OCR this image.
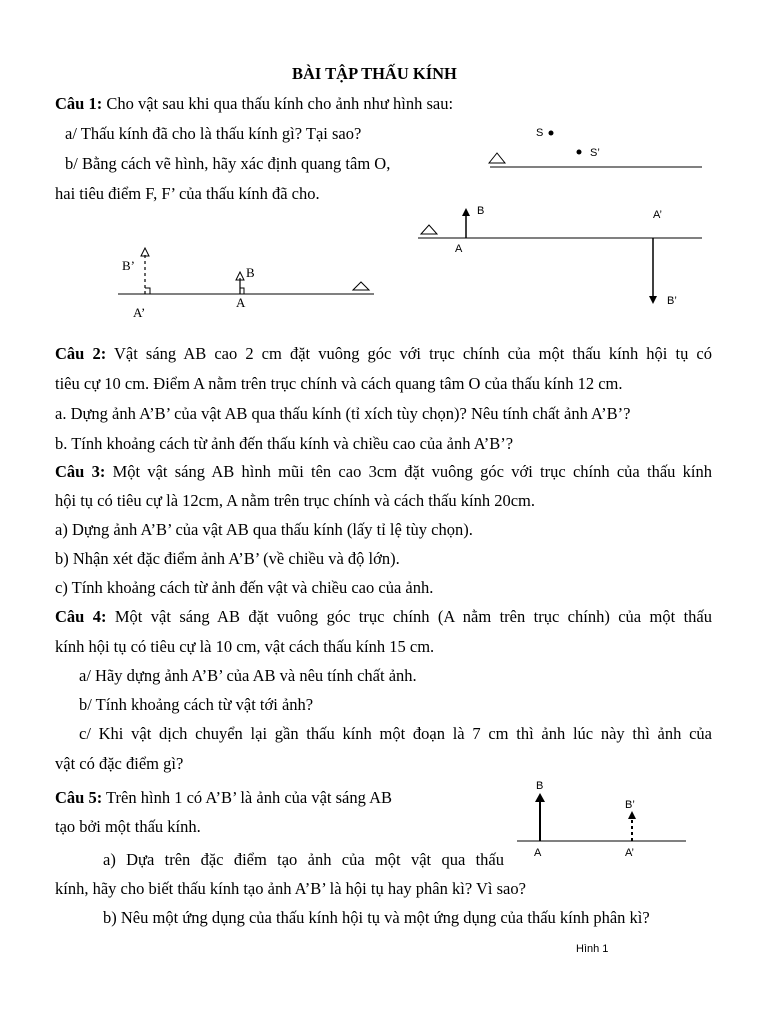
BÀI TẬP THẤU KÍNH
Câu 1: Cho vật sau khi qua thấu kính cho ảnh như hình sau:
a/ Thấu kính đã cho là thấu kính gì? Tại sao?
b/ Bằng cách vẽ hình, hãy xác định quang tâm O,
hai tiêu điểm F, F’ của thấu kính đã cho.
Câu 2: Vật sáng AB cao 2 cm đặt vuông góc với trục chính của một thấu kính hội tụ có
tiêu cự 10 cm. Điểm A nằm trên trục chính và cách quang tâm O của thấu kính 12 cm.
a. Dựng ảnh A’B’ của vật AB qua thấu kính (tỉ xích tùy chọn)? Nêu tính chất ảnh A’B’?
b. Tính khoảng cách từ ảnh đến thấu kính và chiều cao của ảnh A’B’?
Câu 3: Một vật sáng AB hình mũi tên cao 3cm đặt vuông góc với trục chính của thấu kính
hội tụ có tiêu cự là 12cm, A nằm trên trục chính và cách thấu kính 20cm.
a) Dựng ảnh A’B’ của vật AB qua thấu kính (lấy tỉ lệ tùy chọn).
b) Nhận xét đặc điểm ảnh A’B’ (về chiều và độ lớn).
c) Tính khoảng cách từ ảnh đến vật và chiều cao của ảnh.
Câu 4: Một vật sáng AB đặt vuông góc trục chính (A nằm trên trục chính) của một thấu
kính hội tụ có tiêu cự là 10 cm, vật cách thấu kính 15 cm.
a/ Hãy dựng ảnh A’B’ của AB và nêu tính chất ảnh.
b/ Tính khoảng cách từ vật tới ảnh?
c/ Khi vật dịch chuyển lại gần thấu kính một đoạn là 7 cm thì ảnh lúc này thì ảnh của
vật có đặc điểm gì?
Câu 5: Trên hình 1 có A’B’ là ảnh của vật sáng AB
tạo bởi một thấu kính.
a) Dựa trên đặc điểm tạo ảnh của một vật qua thấu
kính, hãy cho biết thấu kính tạo ảnh A’B’ là hội tụ hay phân kì? Vì sao?
b) Nêu một ứng dụng của thấu kính hội tụ và một ứng dụng của thấu kính phân kì?
S
S’
B
A
A’
B’
B’	B
A
A’
B
B’
A	A’
Hình 1
